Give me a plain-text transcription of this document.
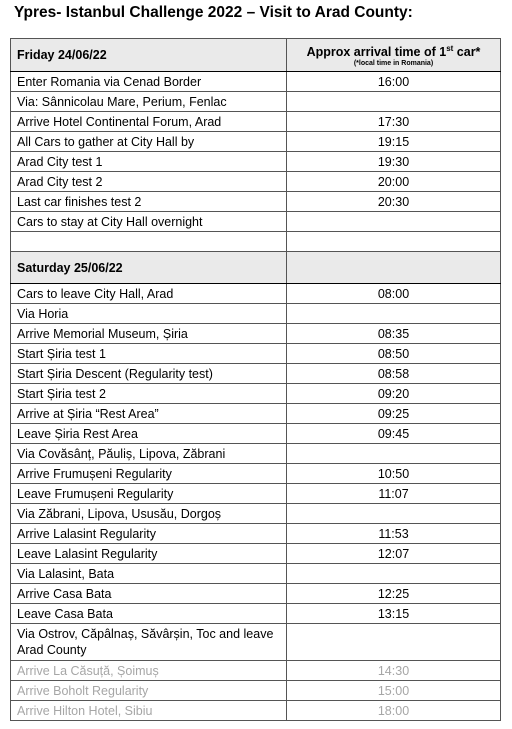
Ypres- Istanbul Challenge 2022 – Visit to Arad County:
Friday 24/06/22	Approx arrival time of 1st car*
(*local time in Romania)

Enter Romania via Cenad Border	16:00
Via: Sânnicolau Mare, Perium, Fenlac	
Arrive Hotel Continental Forum, Arad	17:30
All Cars to gather at City Hall by	19:15
Arad City test 1	19:30
Arad City test 2	20:00
Last car finishes test 2	20:30
Cars to stay at City Hall overnight	

Saturday 25/06/22	
Cars to leave City Hall, Arad	08:00
Via Horia	
Arrive Memorial Museum, Șiria	08:35
Start Șiria test 1	08:50
Start Șiria Descent (Regularity test)	08:58
Start Șiria test 2	09:20
Arrive at Șiria “Rest Area”	09:25
Leave Șiria Rest Area	09:45
Via Covăsânț, Păuliș, Lipova, Zăbrani	
Arrive Frumușeni Regularity	10:50
Leave Frumușeni Regularity	11:07
Via Zăbrani, Lipova, Ususău, Dorgoș	
Arrive Lalasint Regularity	11:53
Leave Lalasint Regularity	12:07
Via Lalasint, Bata	
Arrive Casa Bata	12:25
Leave Casa Bata	13:15
Via Ostrov, Căpâlnaș, Săvârșin, Toc and leave Arad County	
Arrive La Căsuță, Șoimuș	14:30
Arrive Boholt Regularity	15:00
Arrive Hilton Hotel, Sibiu	18:00
